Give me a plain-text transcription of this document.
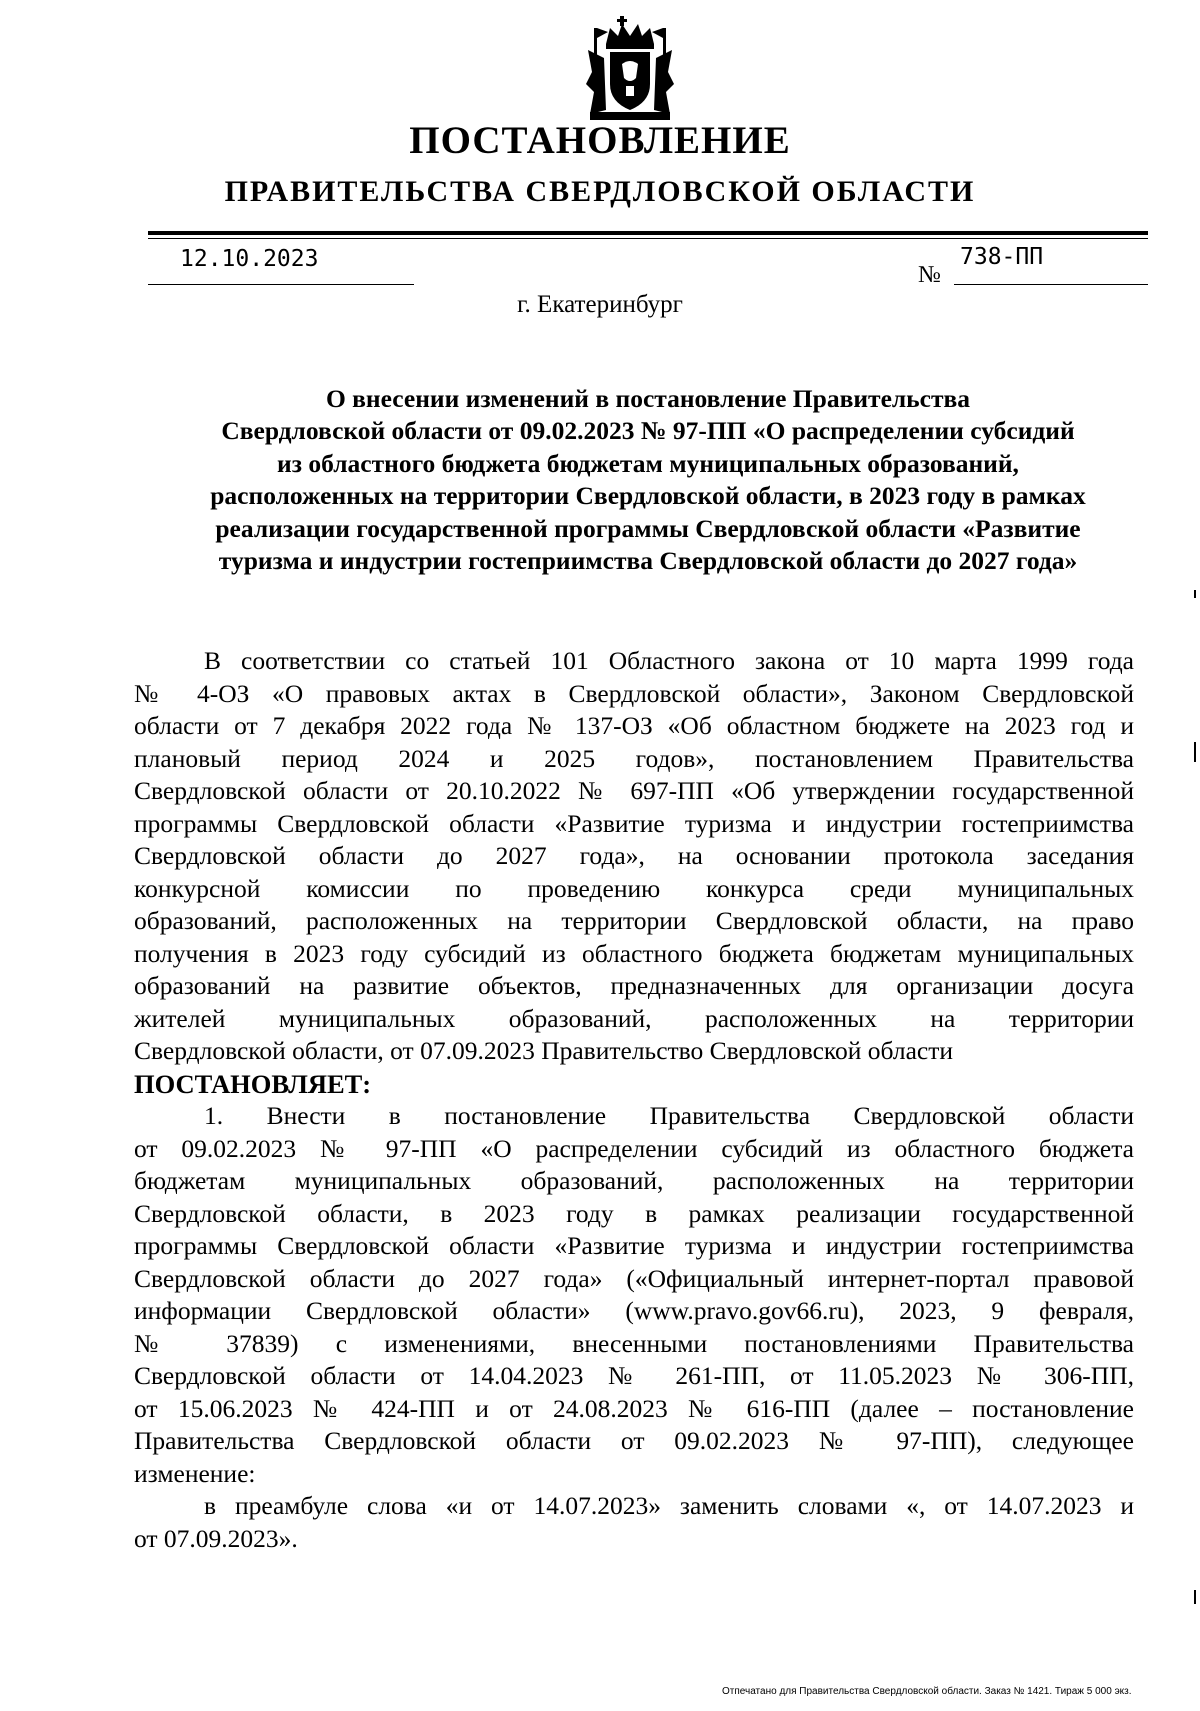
ПОСТАНОВЛЕНИЕ
ПРАВИТЕЛЬСТВА СВЕРДЛОВСКОЙ ОБЛАСТИ
12.10.2023
№
738-ПП
г. Екатеринбург
О внесении изменений в постановление Правительства
Свердловской области от 09.02.2023 № 97-ПП «О распределении субсидий
из областного бюджета бюджетам муниципальных образований,
расположенных на территории Свердловской области, в 2023 году в рамках
реализации государственной программы Свердловской области «Развитие
туризма и индустрии гостеприимства Свердловской области до 2027 года»
В соответствии со статьей 101 Областного закона от 10 марта 1999 года
№ 4-ОЗ «О правовых актах в Свердловской области», Законом Свердловской
области от 7 декабря 2022 года № 137-ОЗ «Об областном бюджете на 2023 год и
плановый период 2024 и 2025 годов», постановлением Правительства
Свердловской области от 20.10.2022 № 697-ПП «Об утверждении государственной
программы Свердловской области «Развитие туризма и индустрии гостеприимства
Свердловской области до 2027 года», на основании протокола заседания
конкурсной комиссии по проведению конкурса среди муниципальных
образований, расположенных на территории Свердловской области, на право
получения в 2023 году субсидий из областного бюджета бюджетам муниципальных
образований на развитие объектов, предназначенных для организации досуга
жителей муниципальных образований, расположенных на территории
Свердловской области, от 07.09.2023 Правительство Свердловской области
ПОСТАНОВЛЯЕТ:
1. Внести в постановление Правительства Свердловской области
от 09.02.2023 № 97-ПП «О распределении субсидий из областного бюджета
бюджетам муниципальных образований, расположенных на территории
Свердловской области, в 2023 году в рамках реализации государственной
программы Свердловской области «Развитие туризма и индустрии гостеприимства
Свердловской области до 2027 года» («Официальный интернет-портал правовой
информации Свердловской области» (www.pravo.gov66.ru), 2023, 9 февраля,
№ 37839) с изменениями, внесенными постановлениями Правительства
Свердловской области от 14.04.2023 № 261-ПП, от 11.05.2023 № 306-ПП,
от 15.06.2023 № 424-ПП и от 24.08.2023 № 616-ПП (далее – постановление
Правительства Свердловской области от 09.02.2023 № 97-ПП), следующее
изменение:
в преамбуле слова «и от 14.07.2023» заменить словами «, от 14.07.2023 и
от 07.09.2023».
Отпечатано для Правительства Свердловской области. Заказ № 1421. Тираж 5 000 экз.
